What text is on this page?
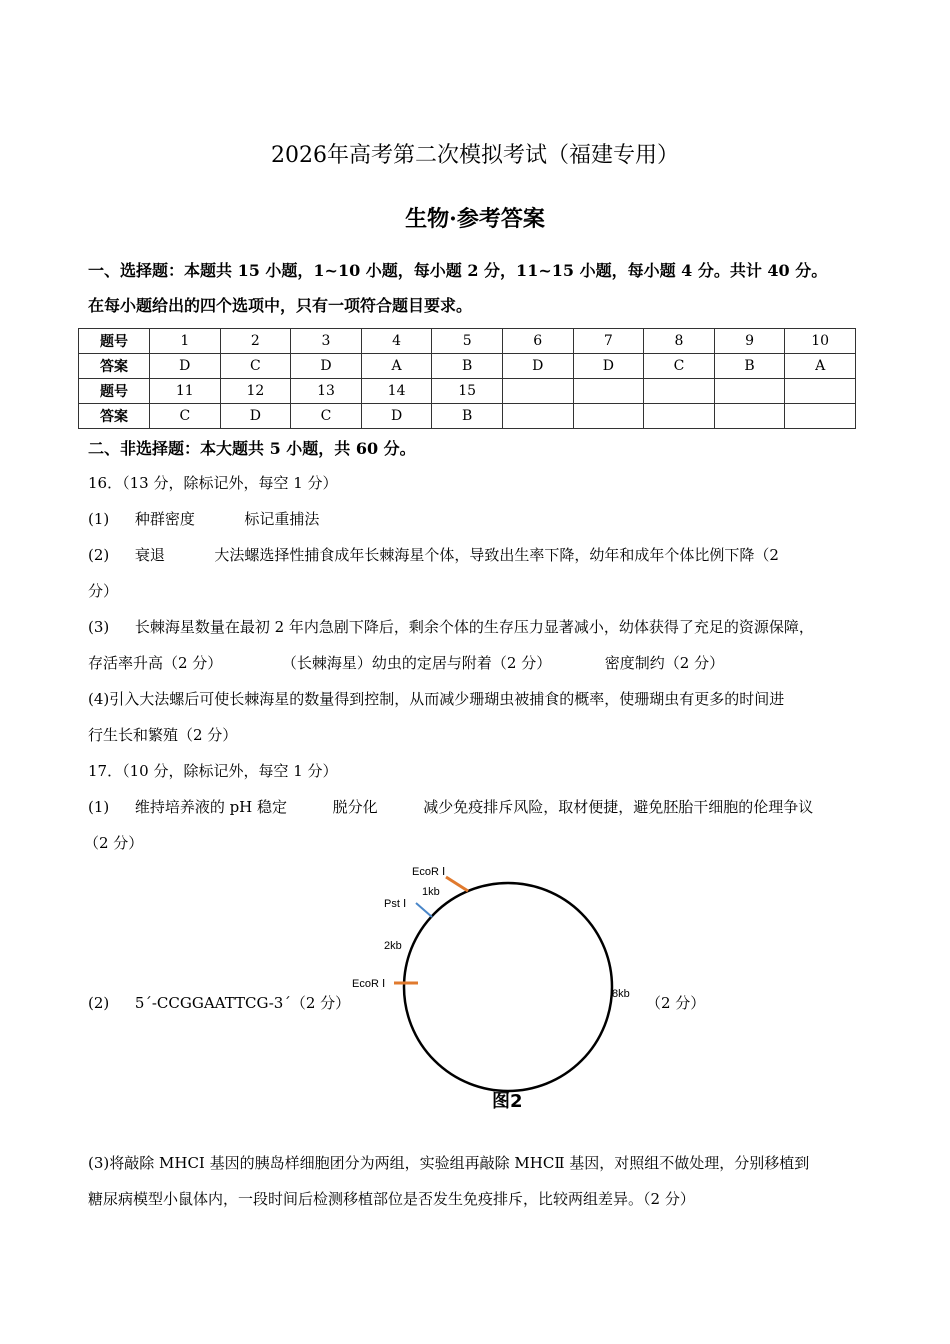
2026年高考第二次模拟考试（福建专用）
生物·参考答案
一、选择题：本题共 15 小题，1~10 小题，每小题 2 分，11~15 小题，每小题 4 分。共计 40 分。
在每小题给出的四个选项中，只有一项符合题目要求。
题号	1	2	3	4	5	6	7	8	9	10
答案	D	C	D	A	B	D	D	C	B	A
题号	11	12	13	14	15					
答案	C	D	C	D	B					
二、非选择题：本大题共 5 小题，共 60 分。
16．（13 分，除标记外，每空 1 分）
(1) 种群密度	标记重捕法
(2) 衰退	大法螺选择性捕食成年长棘海星个体，导致出生率下降，幼年和成年个体比例下降（2
分）
(3) 长棘海星数量在最初 2 年内急剧下降后，剩余个体的生存压力显著减小，幼体获得了充足的资源保障，
存活率升高（2 分）	（长棘海星）幼虫的定居与附着（2 分）	密度制约（2 分）
(4)引入大法螺后可使长棘海星的数量得到控制，从而减少珊瑚虫被捕食的概率，使珊瑚虫有更多的时间进
行生长和繁殖（2 分）
17．（10 分，除标记外，每空 1 分）
(1) 维持培养液的 pH 稳定	脱分化	减少免疫排斥风险，取材便捷，避免胚胎干细胞的伦理争议
（2 分）
(2) 5´-CCGGAATTCG-3´（2 分）	（2 分）
EcoR Ⅰ
1kb
Pst Ⅰ
2kb
EcoR Ⅰ
8kb
图2
(3)将敲除 MHCⅠ 基因的胰岛样细胞团分为两组，实验组再敲除 MHCⅡ 基因，对照组不做处理，分别移植到
糖尿病模型小鼠体内，一段时间后检测移植部位是否发生免疫排斥，比较两组差异。（2 分）
